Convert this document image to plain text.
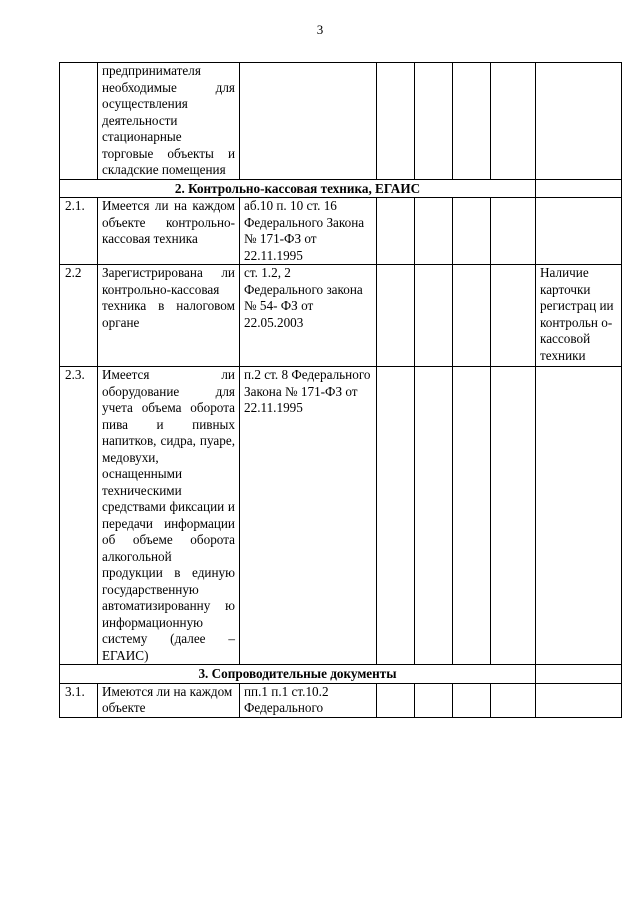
3
	предпринимателя необходимые для осуществления деятельности стационарные торговые объекты и складские помещения						
2. Контрольно-кассовая техника, ЕГАИС							
2.1.	Имеется ли на каждом объекте контрольно-кассовая техника	аб.10 п. 10 ст. 16 Федерального Закона № 171-ФЗ от 22.11.1995					
2.2	Зарегистрирована ли контрольно-кассовая техника в налоговом органе	ст. 1.2, 2 Федерального закона № 54- ФЗ от 22.05.2003					Наличие карточки регистрац ии контрольн о-кассовой техники
2.3.	Имеется ли оборудование для учета объема оборота пива и пивных напитков, сидра, пуаре, медовухи, оснащенными техническими средствами фиксации и передачи информации об объеме оборота алкогольной продукции в единую государственную автоматизированну ю информационную систему (далее – ЕГАИС)	п.2 ст. 8 Федерального Закона № 171-ФЗ от 22.11.1995					
3. Сопроводительные документы							
3.1.	Имеются ли на каждом объекте	пп.1 п.1 ст.10.2 Федерального					
